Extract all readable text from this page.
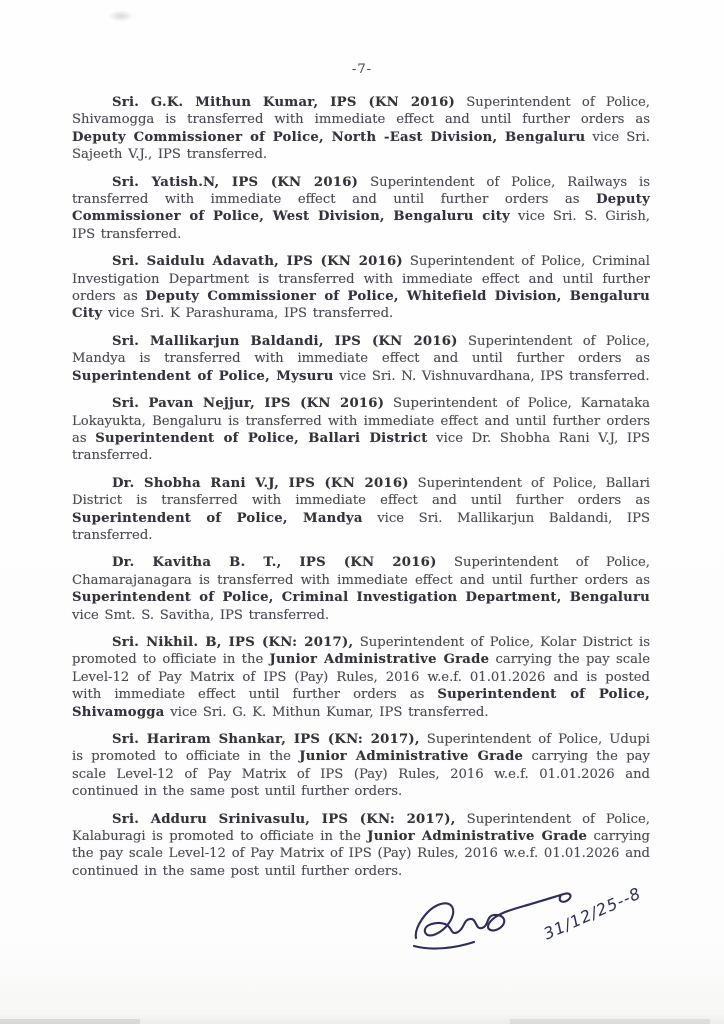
-7-

Sri. G.K. Mithun Kumar, IPS (KN 2016) Superintendent of Police, Shivamogga is transferred with immediate effect and until further orders as Deputy Commissioner of Police, North -East Division, Bengaluru vice Sri. Sajeeth V.J., IPS transferred.

Sri. Yatish.N, IPS (KN 2016) Superintendent of Police, Railways is transferred with immediate effect and until further orders as Deputy Commissioner of Police, West Division, Bengaluru city vice Sri. S. Girish, IPS transferred.

Sri. Saidulu Adavath, IPS (KN 2016) Superintendent of Police, Criminal Investigation Department is transferred with immediate effect and until further orders as Deputy Commissioner of Police, Whitefield Division, Bengaluru City vice Sri. K Parashurama, IPS transferred.

Sri. Mallikarjun Baldandi, IPS (KN 2016) Superintendent of Police, Mandya is transferred with immediate effect and until further orders as Superintendent of Police, Mysuru vice Sri. N. Vishnuvardhana, IPS transferred.

Sri. Pavan Nejjur, IPS (KN 2016) Superintendent of Police, Karnataka Lokayukta, Bengaluru is transferred with immediate effect and until further orders as Superintendent of Police, Ballari District vice Dr. Shobha Rani V.J, IPS transferred.

Dr. Shobha Rani V.J, IPS (KN 2016) Superintendent of Police, Ballari District is transferred with immediate effect and until further orders as Superintendent of Police, Mandya vice Sri. Mallikarjun Baldandi, IPS transferred.

Dr. Kavitha B. T., IPS (KN 2016) Superintendent of Police, Chamarajanagara is transferred with immediate effect and until further orders as Superintendent of Police, Criminal Investigation Department, Bengaluru vice Smt. S. Savitha, IPS transferred.

Sri. Nikhil. B, IPS (KN: 2017), Superintendent of Police, Kolar District is promoted to officiate in the Junior Administrative Grade carrying the pay scale Level-12 of Pay Matrix of IPS (Pay) Rules, 2016 w.e.f. 01.01.2026 and is posted with immediate effect until further orders as Superintendent of Police, Shivamogga vice Sri. G. K. Mithun Kumar, IPS transferred.

Sri. Hariram Shankar, IPS (KN: 2017), Superintendent of Police, Udupi is promoted to officiate in the Junior Administrative Grade carrying the pay scale Level-12 of Pay Matrix of IPS (Pay) Rules, 2016 w.e.f. 01.01.2026 and continued in the same post until further orders.

Sri. Adduru Srinivasulu, IPS (KN: 2017), Superintendent of Police, Kalaburagi is promoted to officiate in the Junior Administrative Grade carrying the pay scale Level-12 of Pay Matrix of IPS (Pay) Rules, 2016 w.e.f. 01.01.2026 and continued in the same post until further orders.

31/12/25--8
